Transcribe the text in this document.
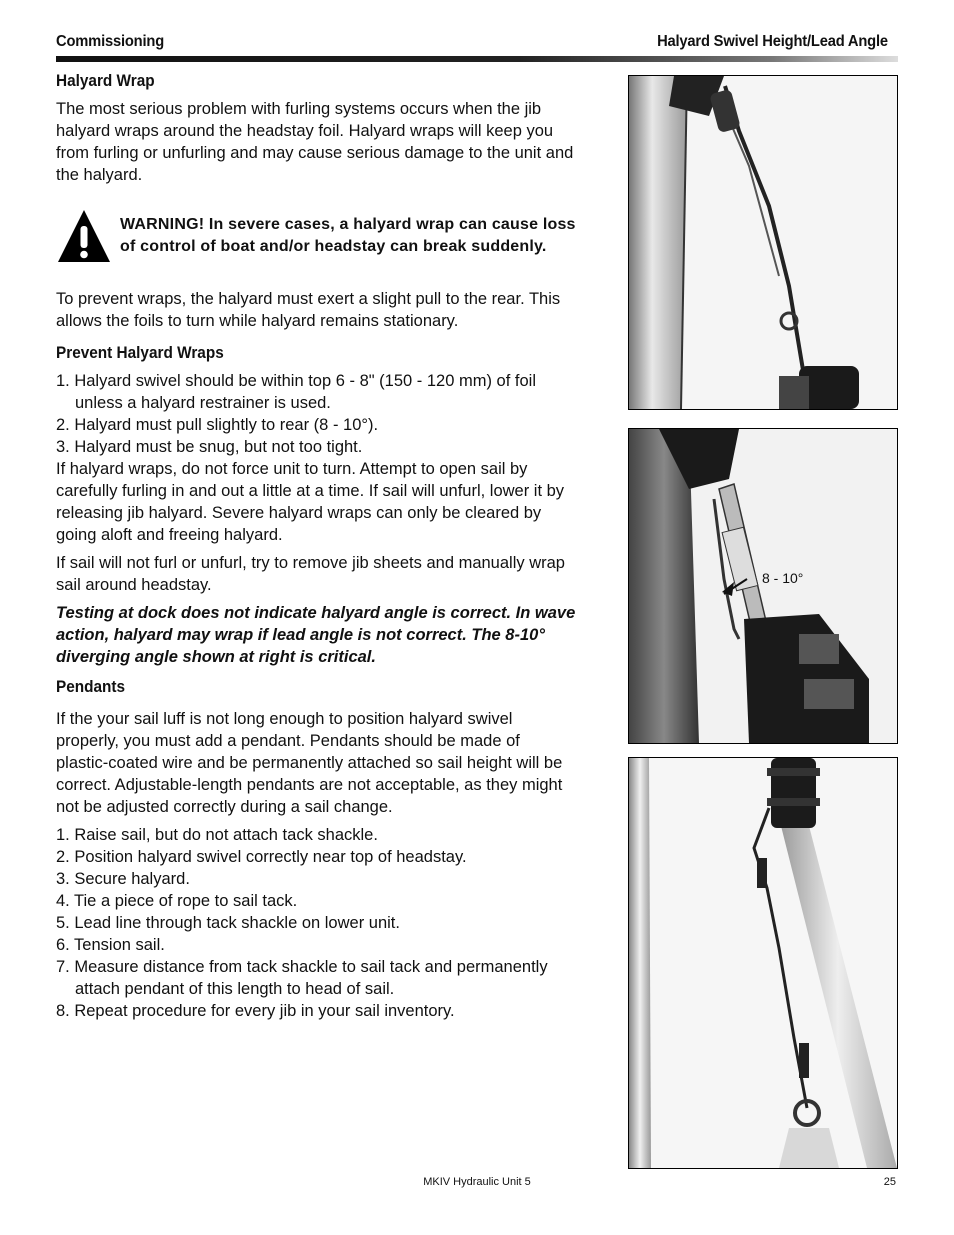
Commissioning	Halyard Swivel Height/Lead Angle
Halyard Wrap

The most serious problem with furling systems occurs when the jib halyard wraps around the headstay foil. Halyard wraps will keep you from furling or unfurling and may cause serious damage to the unit and the halyard.

WARNING! In severe cases, a halyard wrap can cause loss of control of boat and/or headstay can break suddenly.

To prevent wraps, the halyard must exert a slight pull to the rear. This allows the foils to turn while halyard remains stationary.

Prevent Halyard Wraps
1. Halyard swivel should be within top 6 - 8" (150 - 120 mm) of foil unless a halyard restrainer is used.
2. Halyard must pull slightly to rear (8 - 10°).
3. Halyard must be snug, but not too tight.

If halyard wraps, do not force unit to turn. Attempt to open sail by carefully furling in and out a little at a time. If sail will unfurl, lower it by releasing jib halyard. Severe halyard wraps can only be cleared by going aloft and freeing halyard.

If sail will not furl or unfurl, try to remove jib sheets and manually wrap sail around headstay.

Testing at dock does not indicate halyard angle is correct. In wave action, halyard may wrap if lead angle is not correct. The 8-10° diverging angle shown at right is critical.

Pendants

If the your sail luff is not long enough to position halyard swivel properly, you must add a pendant. Pendants should be made of plastic-coated wire and be permanently attached so sail height will be correct. Adjustable-length pendants are not acceptable, as they might not be adjusted correctly during a sail change.

1. Raise sail, but do not attach tack shackle.
2. Position halyard swivel correctly near top of headstay.
3. Secure halyard.
4. Tie a piece of rope to sail tack.
5. Lead line through tack shackle on lower unit.
6. Tension sail.
7. Measure distance from tack shackle to sail tack and permanently attach pendant of this length to head of sail.
8. Repeat procedure for every jib in your sail inventory.
8 - 10°
MKIV Hydraulic Unit 5	25
